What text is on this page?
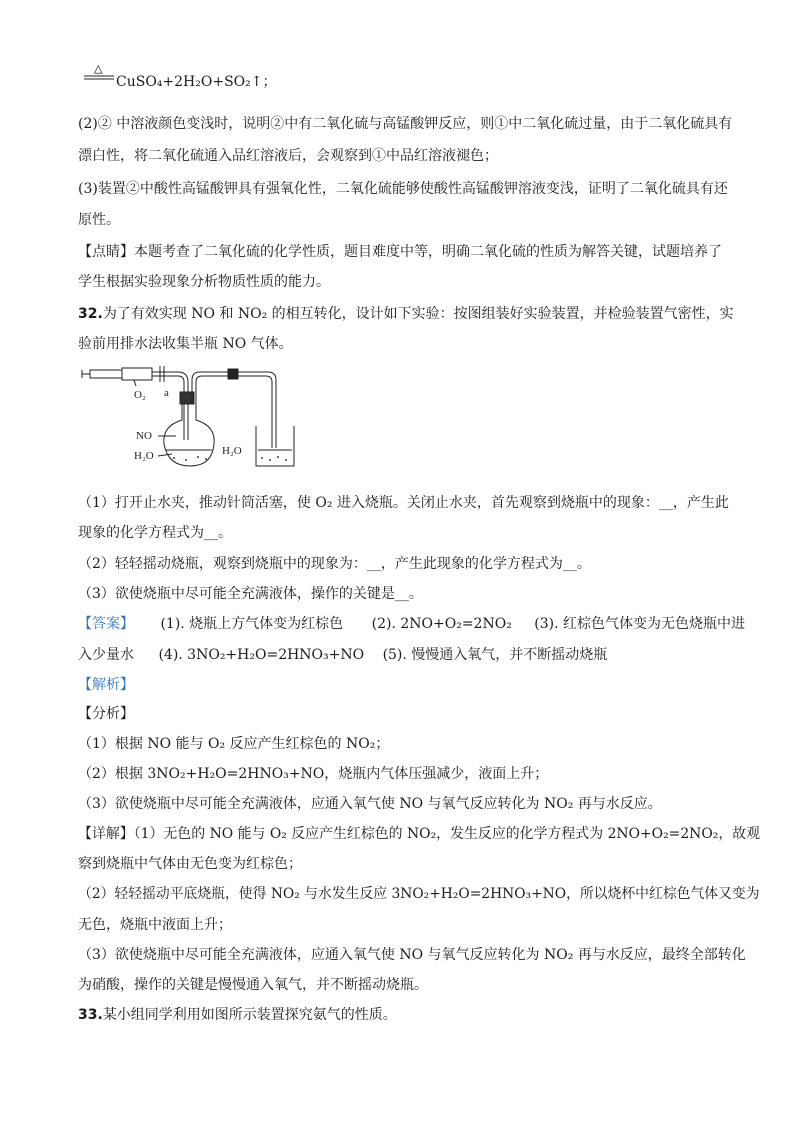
△
CuSO₄+2H₂O+SO₂↑；
(2)② 中溶液颜色变浅时，说明②中有二氧化硫与高锰酸钾反应，则①中二氧化硫过量，由于二氧化硫具有
漂白性，将二氧化硫通入品红溶液后，会观察到①中品红溶液褪色；
(3)装置②中酸性高锰酸钾具有强氧化性，二氧化硫能够使酸性高锰酸钾溶液变浅，证明了二氧化硫具有还
原性。
【点睛】本题考查了二氧化硫的化学性质，题目难度中等，明确二氧化硫的性质为解答关键，试题培养了
学生根据实验现象分析物质性质的能力。
32.为了有效实现 NO 和 NO₂ 的相互转化，设计如下实验：按图组装好实验装置，并检验装置气密性，实
验前用排水法收集半瓶 NO 气体。
O₂ a
NO
H₂O	H₂O
（1）打开止水夹，推动针筒活塞，使 O₂ 进入烧瓶。关闭止水夹，首先观察到烧瓶中的现象：__，产生此
现象的化学方程式为__。
（2）轻轻摇动烧瓶，观察到烧瓶中的现象为：__，产生此现象的化学方程式为__。
（3）欲使烧瓶中尽可能全充满液体，操作的关键是__。
【答案】 (1). 烧瓶上方气体变为红棕色 (2). 2NO+O₂=2NO₂ (3). 红棕色气体变为无色烧瓶中进
入少量水 (4). 3NO₂+H₂O=2HNO₃+NO (5). 慢慢通入氧气，并不断摇动烧瓶
【解析】
【分析】
（1）根据 NO 能与 O₂ 反应产生红棕色的 NO₂；
（2）根据 3NO₂+H₂O=2HNO₃+NO，烧瓶内气体压强减少，液面上升；
（3）欲使烧瓶中尽可能全充满液体，应通入氧气使 NO 与氧气反应转化为 NO₂ 再与水反应。
【详解】（1）无色的 NO 能与 O₂ 反应产生红棕色的 NO₂，发生反应的化学方程式为 2NO+O₂=2NO₂，故观
察到烧瓶中气体由无色变为红棕色；
（2）轻轻摇动平底烧瓶，使得 NO₂ 与水发生反应 3NO₂+H₂O=2HNO₃+NO，所以烧杯中红棕色气体又变为
无色，烧瓶中液面上升；
（3）欲使烧瓶中尽可能全充满液体，应通入氧气使 NO 与氧气反应转化为 NO₂ 再与水反应，最终全部转化
为硝酸，操作的关键是慢慢通入氧气，并不断摇动烧瓶。
33.某小组同学利用如图所示装置探究氨气的性质。
